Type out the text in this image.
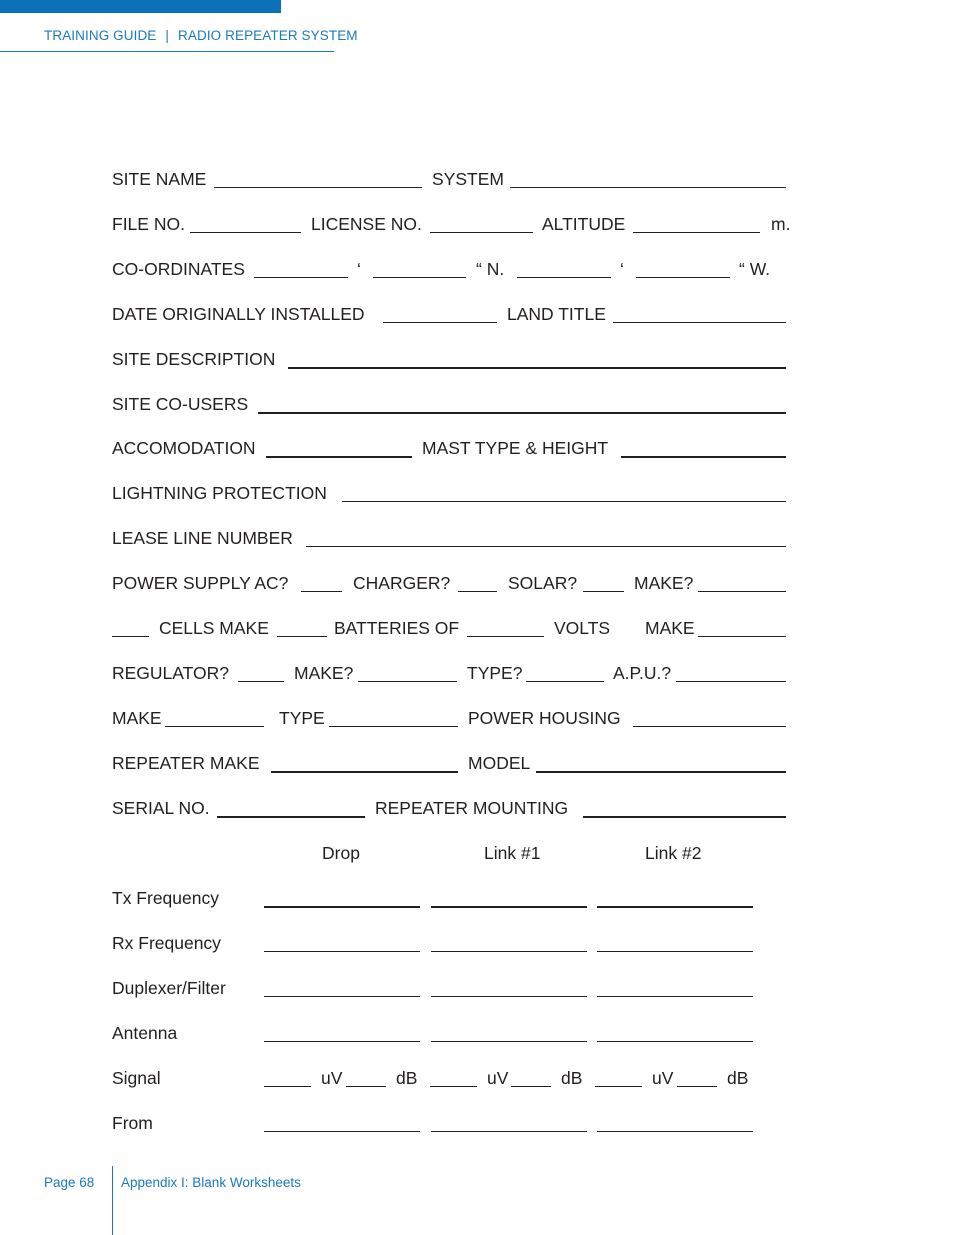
TRAINING GUIDE | RADIO REPEATER SYSTEM
SITE NAME	SYSTEM
FILE NO.	LICENSE NO.	ALTITUDE	m.
CO-ORDINATES	‘	“ N.	‘	“ W.
DATE ORIGINALLY INSTALLED	LAND TITLE
SITE DESCRIPTION
SITE CO-USERS
ACCOMODATION	MAST TYPE & HEIGHT
LIGHTNING PROTECTION
LEASE LINE NUMBER
POWER SUPPLY AC?	CHARGER?	SOLAR?	MAKE?
CELLS MAKE	BATTERIES OF	VOLTS MAKE
REGULATOR?	MAKE?	TYPE?	A.P.U.?
MAKE	TYPE	POWER HOUSING
REPEATER MAKE	MODEL
SERIAL NO.	REPEATER MOUNTING
Drop	Link #1	Link #2
Tx Frequency
Rx Frequency
Duplexer/Filter
Antenna
Signal	uV	dB	uV	dB	uV	dB
From
Page 68 Appendix I: Blank Worksheets
